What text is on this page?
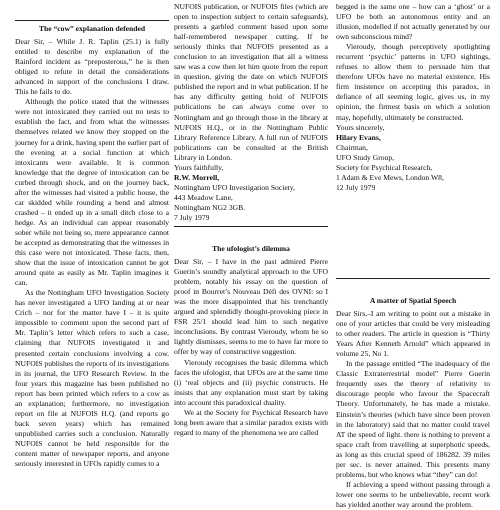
The “cow” explanation defended

Dear Sir, – While J. R. Taplin (25.1) is fully entitled to describe my explanation of the Rainford incident as “preposterous,” he is then obliged to refute in detail the considerations advanced in support of the conclusions I draw. This he fails to do.

Although the police stated that the witnesses were not intoxicated they carried out no tests to establish the fact, and from what the witnesses themselves related we know they stopped on the journey for a drink, having spent the earlier part of the evening at a social function at which intoxicants were available. It is common knowledge that the degree of intoxication can be curbed through shock, and on the journey back, after the witnesses had visited a public house, the car skidded while rounding a bend and almost crashed – it ended up in a small ditch close to a hedge. As an individual can appear reasonably sober while not being so, mere appearance cannot be accepted as demonstrating that the witnesses in this case were not intoxicated. These facts, then, show that the issue of intoxication cannot be got around quite as easily as Mr. Taplin imagines it can.

As the Nottingham UFO Investigation Society has never investigated a UFO landing at or near Crich – nor for the matter have I – it is quite impossible to comment upon the second part of Mr. Taplin’s letter which refers to such a case, claiming that NUFOIS investigated it and presented certain conclusions involving a cow. NUFOIS publishes the reports of its investigations in its journal, the UFO Research Review. In the four years this magazine has been published no report has been printed which refers to a cow as an explanation; furthermore, no investigation report on file at NUFOIS H.Q. (and reports go back seven years) which has remained unpublished carries such a conclusion. Naturally NUFOIS cannot be held responsible for the content matter of newspaper reports, and anyone seriously interested in UFOs rapidly comes to a

NUFOIS publication, or NUFOIS files (which are open to inspection subject to certain safeguards), presents a garbled comment based upon some half-remembered newspaper cutting. If he seriously thinks that NUFOIS presented as a conclusion to an investigation that all a witness saw was a cow then let him quote from the report in question, giving the date on which NUFOIS published the report and in what publication. If he has any difficulty getting hold of NUFOIS publications he can always come over to Nottingham and go through those in the library at NUFOIS H.Q., or in the Nottingham Public Library Reference Library. A full run of NUFOIS publications can be consulted at the British Library in London.

Yours faithfully,
R.W. Morrell,
Nottingham UFO Investigation Society,
443 Meadow Lane,
Nottingham NG2 3GB.
7 July 1979
The ufologist’s dilemma

Dear Sir, – I have in the past admired Pierre Guerin’s soundly analytical approach to the UFO problem, notably his essay on the question of proof in Bourret’s Nouveau Défi des OVNI: so I was the more disappointed that his trenchantly argued and splendidly thought-provoking piece in FSR 25/1 should lead him to such negative inconclusions. By contrast Vieroudy, whom he so lightly dismisses, seems to me to have far more to offer by way of constructive suggestion.

Vieroudy recognises the basic dilemma which faces the ufologist, that UFOs are at the same time (i) ‘real objects and (ii) psychic constructs. He insists that any explanation must start by taking into account this paradoxical duality.

We at the Society for Psychical Research have long been aware that a similar paradox exists with regard to many of the phenomena we are called

begged is the same one – how can a ‘ghost’ or a UFO be both an autonomous entity and an illusion, modelled if not actually generated by our own subconscious mind?

Vieroudy, though perceptively spotlighting recurrent ‘psychic’ patterns in UFO sightings, refuses to allow them to persuade him that therefore UFOs have no material existence. His firm insistence on accepting this paradox, in defiance of all seeming logic, gives us, in my opinion, the firmest basis on which a solution may, hopefully, ultimately be constructed.

Yours sincerely,
Hilary Evans,
Chairman,
UFO Study Group,
Society for Psychical Research,
1 Adam & Eve Mews, London W8,
12 July 1979
A matter of Spatial Speech

Dear Sirs,–I am writing to point out a mistake in one of your articles that could be very misleading to other readers. The article in question is “Thirty Years After Kenneth Arnold” which appeared in volume 25, No 1.

In the passage entitled “The inadequacy of the Classic Extraterrestrial model” Pierre Guerin frequently uses the theory of relativity to discourage people who favour the Spacecraft Theory. Unfortunately, he has made a mistake. Einstein’s theories (which have since been proven in the laboratory) said that no matter could travel AT the speed of light. there is nothing to prevent a space craft from travelling at superphotic speeds, as long as this crucial speed of 186282. 39 miles per sec. is never attained. This presents many problems, but who knows what “they” can do!

If achieving a speed without passing through a lower one seems to be unbelievable, recent work has yielded another way around the problem.
